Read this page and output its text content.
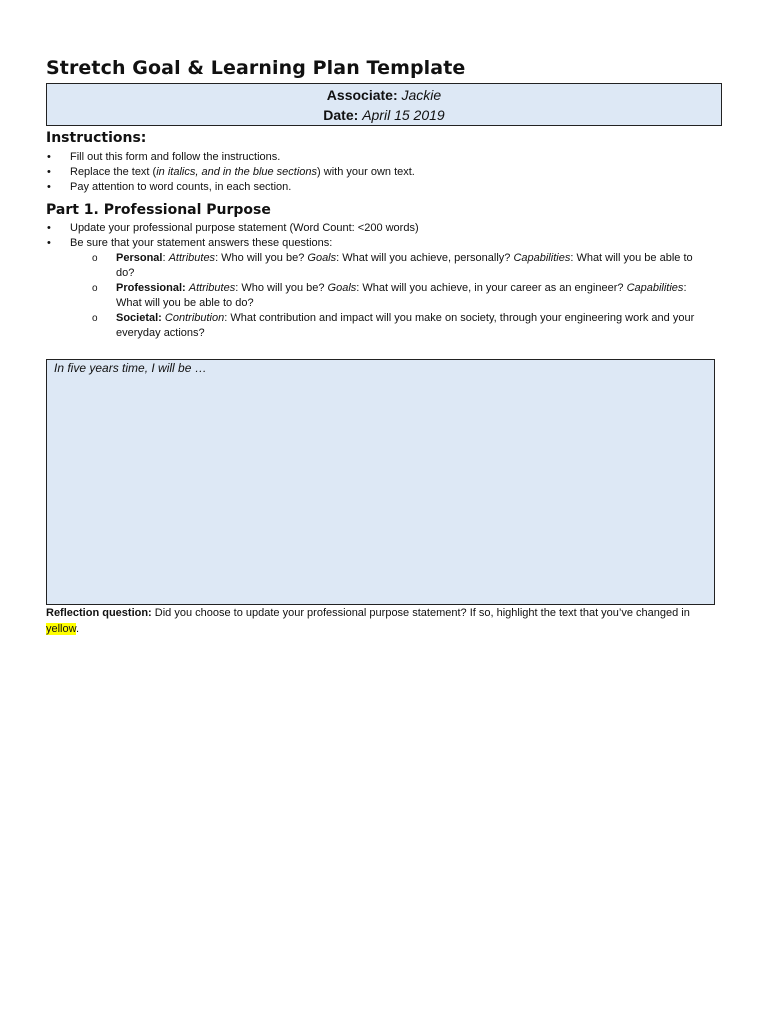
Stretch Goal & Learning Plan Template
Associate: Jackie
Date: April 15 2019
Instructions:
• Fill out this form and follow the instructions.
• Replace the text (in italics, and in the blue sections) with your own text.
• Pay attention to word counts, in each section.
Part 1. Professional Purpose
• Update your professional purpose statement (Word Count: <200 words)
• Be sure that your statement answers these questions:
o Personal: Attributes: Who will you be? Goals: What will you achieve, personally? Capabilities: What will you be able to do?
o Professional: Attributes: Who will you be? Goals: What will you achieve, in your career as an engineer? Capabilities: What will you be able to do?
o Societal: Contribution: What contribution and impact will you make on society, through your engineering work and your everyday actions?
In five years time, I will be …
Reflection question: Did you choose to update your professional purpose statement? If so, highlight the text that you’ve changed in yellow.
